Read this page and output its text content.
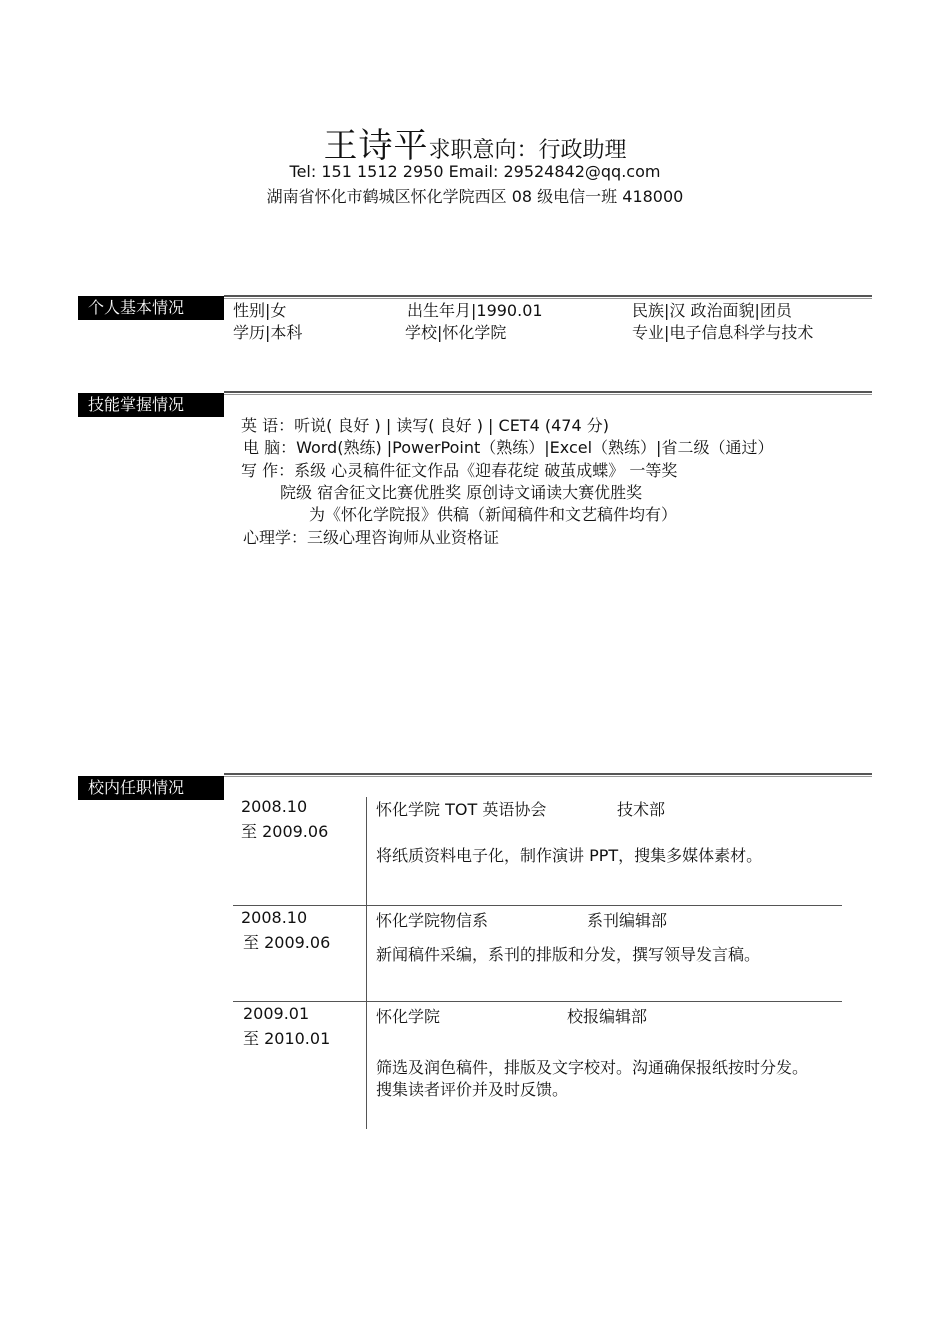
王诗平求职意向：行政助理
Tel: 151 1512 2950 Email: 29524842@qq.com
湖南省怀化市鹤城区怀化学院西区 08 级电信一班 418000
个人基本情况	性别|女	出生年月|1990.01	民族|汉 政治面貌|团员
学历|本科	学校|怀化学院	专业|电子信息科学与技术
技能掌握情况
英 语：听说( 良好 ) | 读写( 良好 ) | CET4 (474 分)
电 脑：Word(熟练) |PowerPoint（熟练）|Excel（熟练）|省二级（通过）
写 作：系级 心灵稿件征文作品《迎春花绽 破茧成蝶》 一等奖
院级 宿舍征文比赛优胜奖 原创诗文诵读大赛优胜奖
为《怀化学院报》供稿（新闻稿件和文艺稿件均有）
心理学：三级心理咨询师从业资格证
校内任职情况
2008.10
至 2009.06
怀化学院 TOT 英语协会	技术部
将纸质资料电子化，制作演讲 PPT，搜集多媒体素材。
2008.10
至 2009.06
怀化学院物信系	系刊编辑部
新闻稿件采编，系刊的排版和分发，撰写领导发言稿。
2009.01
至 2010.01
怀化学院	校报编辑部
筛选及润色稿件，排版及文字校对。沟通确保报纸按时分发。
搜集读者评价并及时反馈。
